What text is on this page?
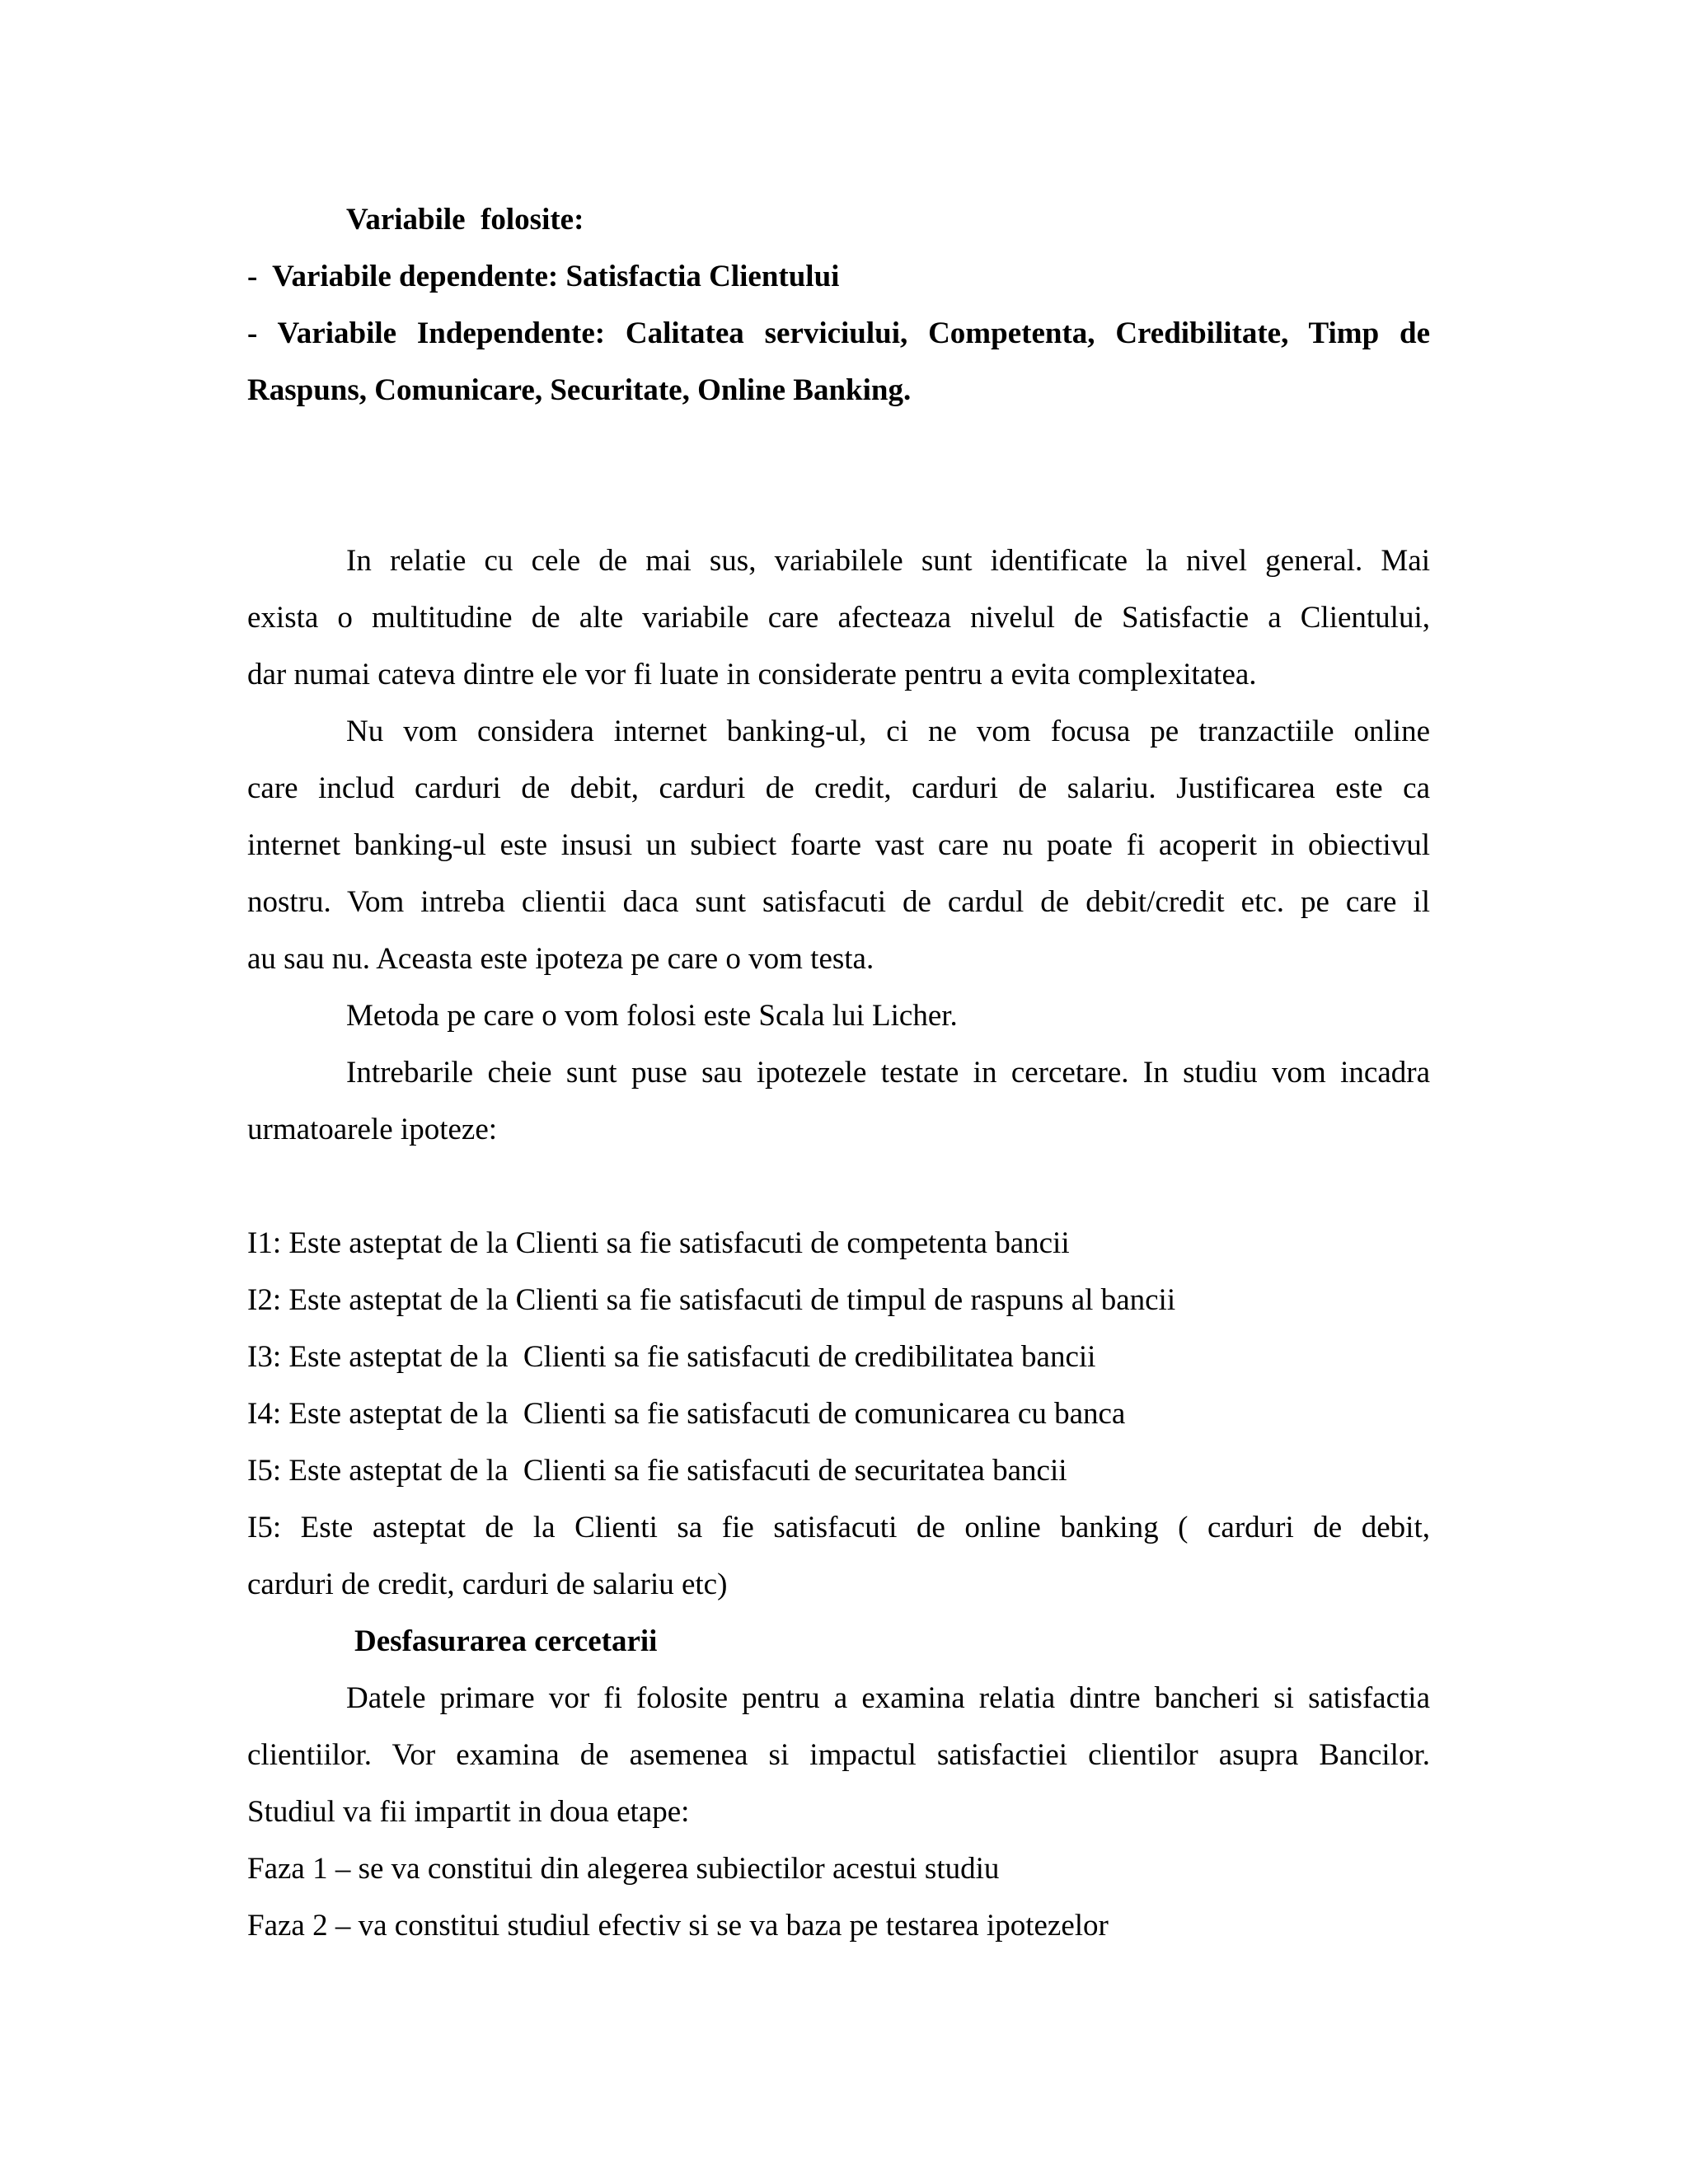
Variabile  folosite:
-  Variabile dependente: Satisfactia Clientului
- Variabile Independente: Calitatea serviciului, Competenta, Credibilitate, Timp de
Raspuns, Comunicare, Securitate, Online Banking.
In relatie cu cele de mai sus, variabilele sunt identificate la nivel general. Mai
exista o multitudine de alte variabile care afecteaza nivelul de Satisfactie a Clientului,
dar numai cateva dintre ele vor fi luate in considerate pentru a evita complexitatea.
Nu vom considera internet banking-ul, ci ne vom focusa pe tranzactiile online
care includ carduri de debit, carduri de credit, carduri de salariu. Justificarea este ca
internet banking-ul este insusi un subiect foarte vast care nu poate fi acoperit in obiectivul
nostru. Vom intreba clientii daca sunt satisfacuti de cardul de debit/credit etc. pe care il
au sau nu. Aceasta este ipoteza pe care o vom testa.
Metoda pe care o vom folosi este Scala lui Licher.
Intrebarile cheie sunt puse sau ipotezele testate in cercetare. In studiu vom incadra
urmatoarele ipoteze:
I1: Este asteptat de la Clienti sa fie satisfacuti de competenta bancii
I2: Este asteptat de la Clienti sa fie satisfacuti de timpul de raspuns al bancii
I3: Este asteptat de la  Clienti sa fie satisfacuti de credibilitatea bancii
I4: Este asteptat de la  Clienti sa fie satisfacuti de comunicarea cu banca
I5: Este asteptat de la  Clienti sa fie satisfacuti de securitatea bancii
I5: Este asteptat de la Clienti sa fie satisfacuti de online banking ( carduri de debit,
carduri de credit, carduri de salariu etc)
Desfasurarea cercetarii
Datele primare vor fi folosite pentru a examina relatia dintre bancheri si satisfactia
clientiilor. Vor examina de asemenea si impactul satisfactiei clientilor asupra Bancilor.
Studiul va fii impartit in doua etape:
Faza 1 – se va constitui din alegerea subiectilor acestui studiu
Faza 2 – va constitui studiul efectiv si se va baza pe testarea ipotezelor
